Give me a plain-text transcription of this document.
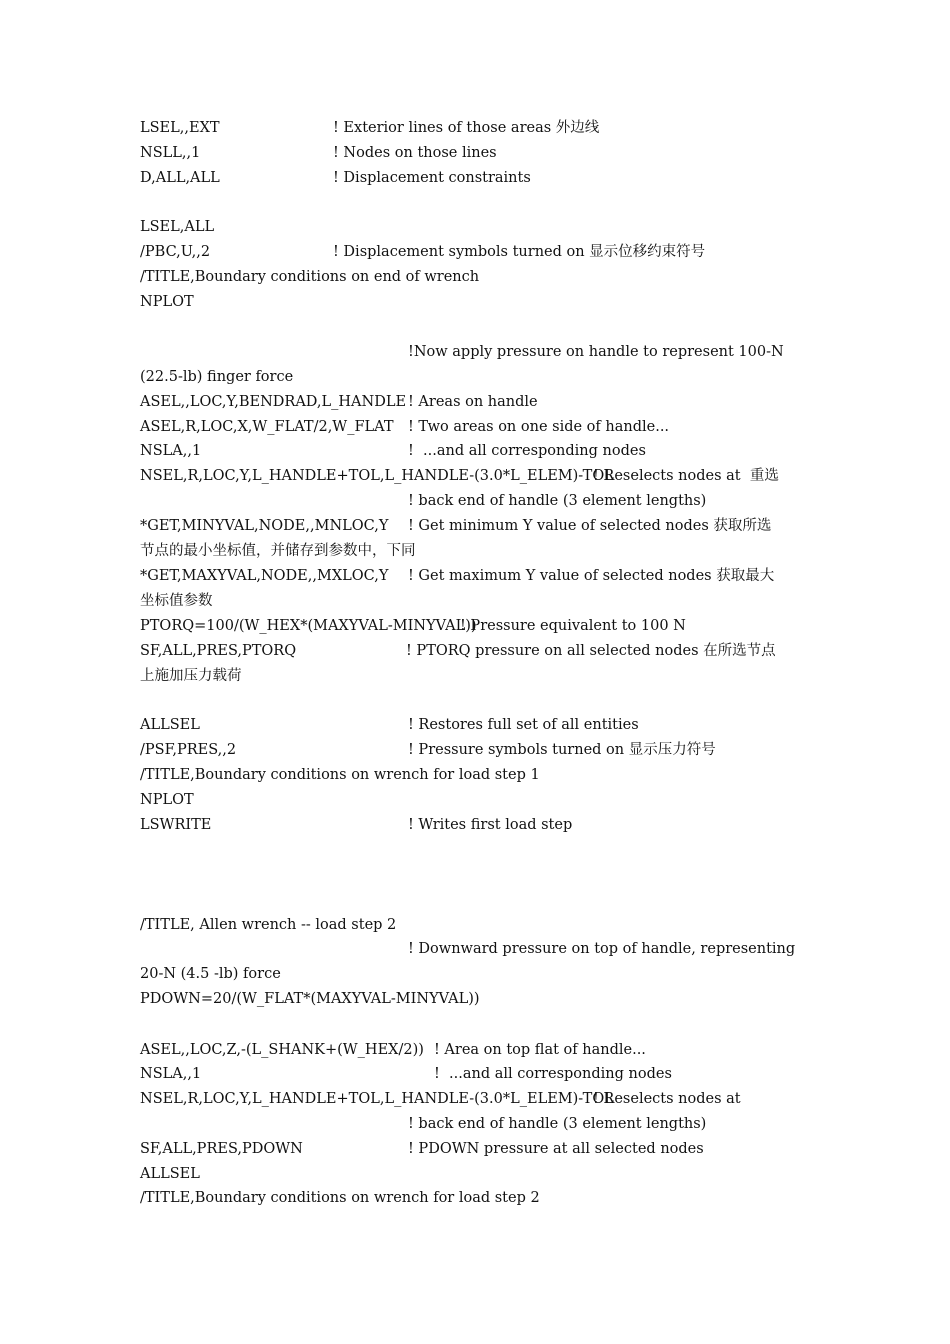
LSEL,,EXT

	! Exterior lines of those areas 外边线

NSLL,,1

	! Nodes on those lines

D,ALL,ALL

	! Displacement constraints

LSEL,ALL

/PBC,U,,2

	! Displacement symbols turned on 显示位移约束符号

/TITLE,Boundary conditions on end of wrench

NPLOT

!Now apply pressure on handle to represent 100-N

(22.5-lb) finger force

ASEL,,LOC,Y,BENDRAD,L_HANDLE

! Areas on handle

ASEL,R,LOC,X,W_FLAT/2,W_FLAT

! Two areas on one side of handle...

NSLA,,1

	!  ...and all corresponding nodes

NSEL,R,LOC,Y,L_HANDLE+TOL,L_HANDLE-(3.0*L_ELEM)-TOL

! Reselects nodes at  重选

! back end of handle (3 element lengths)

*GET,MINYVAL,NODE,,MNLOC,Y

! Get minimum Y value of selected nodes 获取所选

节点的最小坐标值，并储存到参数中，下同

*GET,MAXYVAL,NODE,,MXLOC,Y

! Get maximum Y value of selected nodes 获取最大

坐标值参数

PTORQ=100/(W_HEX*(MAXYVAL-MINYVAL))

! Pressure equivalent to 100 N

SF,ALL,PRES,PTORQ

	! PTORQ pressure on all selected nodes 在所选节点

上施加压力载荷

ALLSEL

	! Restores full set of all entities

/PSF,PRES,,2

	! Pressure symbols turned on 显示压力符号

/TITLE,Boundary conditions on wrench for load step 1

NPLOT

LSWRITE

	! Writes first load step

/TITLE, Allen wrench -- load step 2

! Downward pressure on top of handle, representing

20-N (4.5 -lb) force

PDOWN=20/(W_FLAT*(MAXYVAL-MINYVAL))

ASEL,,LOC,Z,-(L_SHANK+(W_HEX/2))

! Area on top flat of handle...

NSLA,,1

	!  ...and all corresponding nodes

NSEL,R,LOC,Y,L_HANDLE+TOL,L_HANDLE-(3.0*L_ELEM)-TOL

! Reselects nodes at

! back end of handle (3 element lengths)

SF,ALL,PRES,PDOWN

	! PDOWN pressure at all selected nodes

ALLSEL

/TITLE,Boundary conditions on wrench for load step 2
